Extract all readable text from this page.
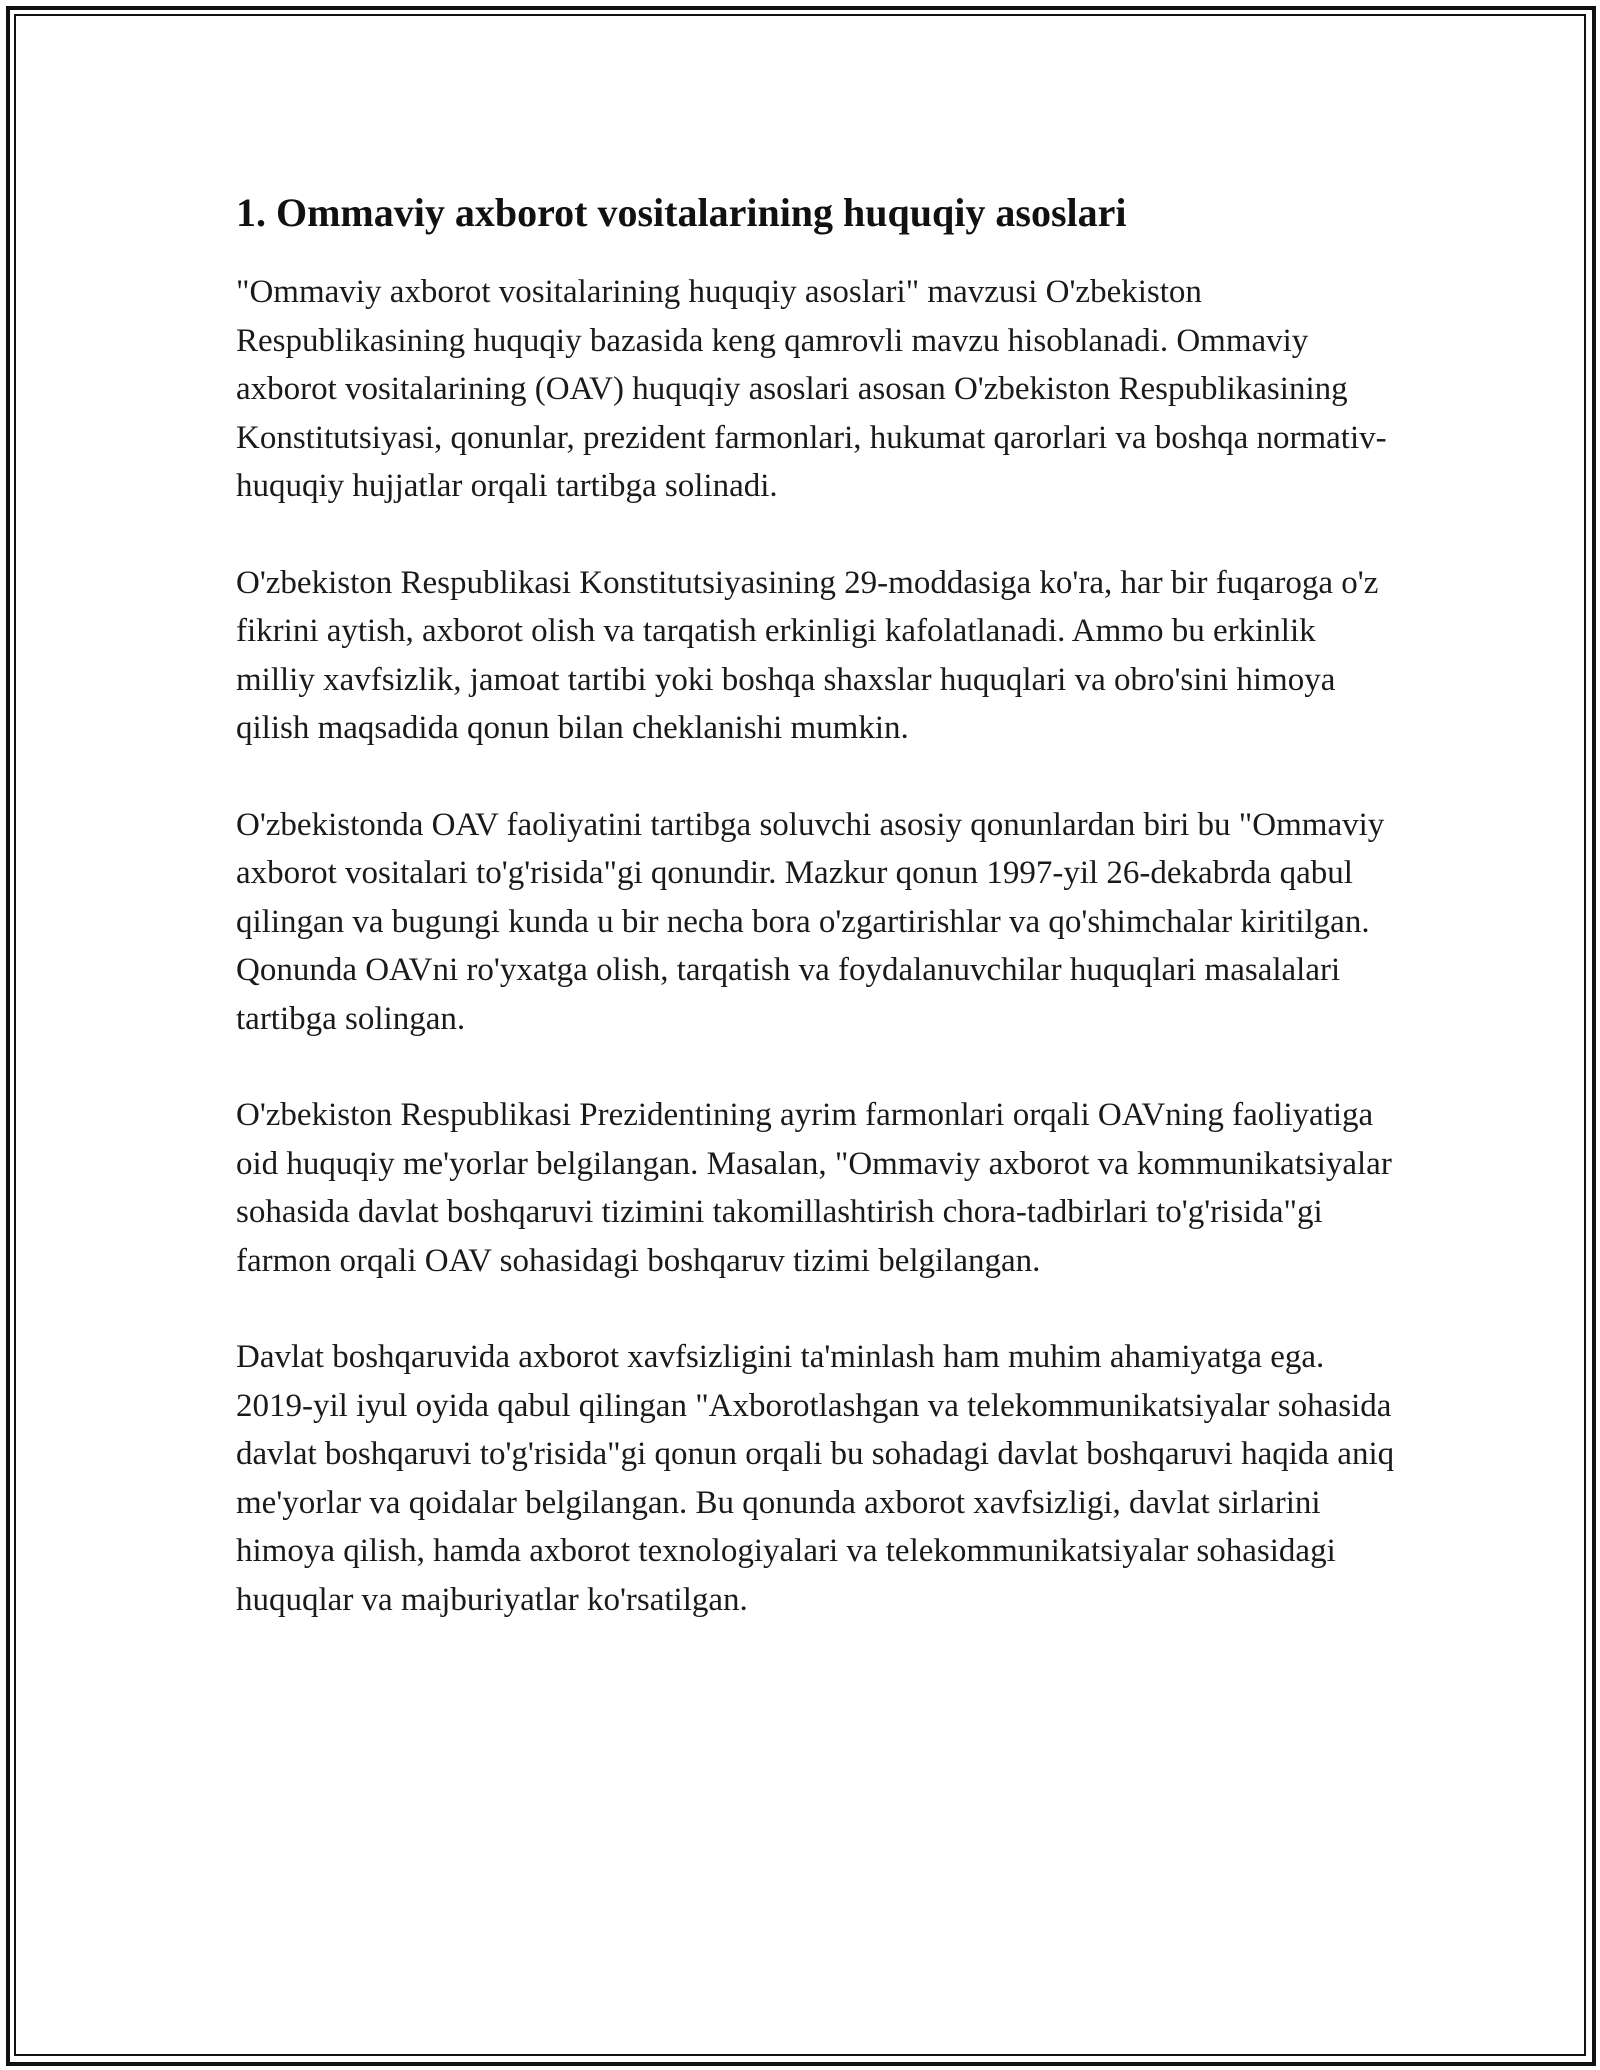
1. Ommaviy axborot vositalarining huquqiy asoslari

"Ommaviy axborot vositalarining huquqiy asoslari" mavzusi O'zbekiston Respublikasining huquqiy bazasida keng qamrovli mavzu hisoblanadi. Ommaviy axborot vositalarining (OAV) huquqiy asoslari asosan O'zbekiston Respublikasining Konstitutsiyasi, qonunlar, prezident farmonlari, hukumat qarorlari va boshqa normativ-huquqiy hujjatlar orqali tartibga solinadi.

O'zbekiston Respublikasi Konstitutsiyasining 29-moddasiga ko'ra, har bir fuqaroga o'z fikrini aytish, axborot olish va tarqatish erkinligi kafolatlanadi. Ammo bu erkinlik milliy xavfsizlik, jamoat tartibi yoki boshqa shaxslar huquqlari va obro'sini himoya qilish maqsadida qonun bilan cheklanishi mumkin.

O'zbekistonda OAV faoliyatini tartibga soluvchi asosiy qonunlardan biri bu "Ommaviy axborot vositalari to'g'risida"gi qonundir. Mazkur qonun 1997-yil 26-dekabrda qabul qilingan va bugungi kunda u bir necha bora o'zgartirishlar va qo'shimchalar kiritilgan. Qonunda OAVni ro'yxatga olish, tarqatish va foydalanuvchilar huquqlari masalalari tartibga solingan.

O'zbekiston Respublikasi Prezidentining ayrim farmonlari orqali OAVning faoliyatiga oid huquqiy me'yorlar belgilangan. Masalan, "Ommaviy axborot va kommunikatsiyalar sohasida davlat boshqaruvi tizimini takomillashtirish chora-tadbirlari to'g'risida"gi farmon orqali OAV sohasidagi boshqaruv tizimi belgilangan.

Davlat boshqaruvida axborot xavfsizligini ta'minlash ham muhim ahamiyatga ega. 2019-yil iyul oyida qabul qilingan "Axborotlashgan va telekommunikatsiyalar sohasida davlat boshqaruvi to'g'risida"gi qonun orqali bu sohadagi davlat boshqaruvi haqida aniq me'yorlar va qoidalar belgilangan. Bu qonunda axborot xavfsizligi, davlat sirlarini himoya qilish, hamda axborot texnologiyalari va telekommunikatsiyalar sohasidagi huquqlar va majburiyatlar ko'rsatilgan.
